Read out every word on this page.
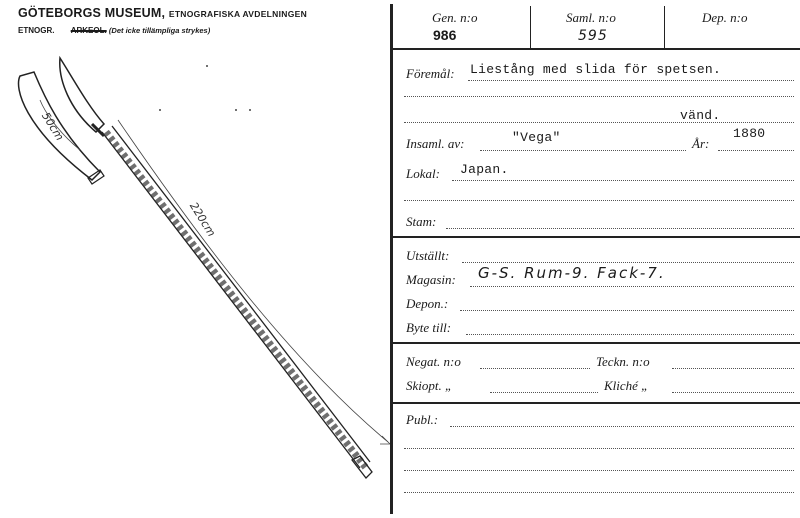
GÖTEBORGS MUSEUM, ETNOGRAFISKA AVDELNINGEN
ETNOGR. ARKEOL. (Det icke tillämpliga strykes)
50cm
220cm
Gen. n:o
986
Saml. n:o
595
Dep. n:o
Föremål: Liestång med slida för spetsen.
vänd.
Insaml. av:	"Vega"	År:
1880
Lokal: Japan.
Stam:
Utställt:
Magasin: G-S. Rum-9. Fack-7.
Depon.:
Byte till:
Negat. n:o	Teckn. n:o
Skiopt. „	Kliché „
Publ.:
